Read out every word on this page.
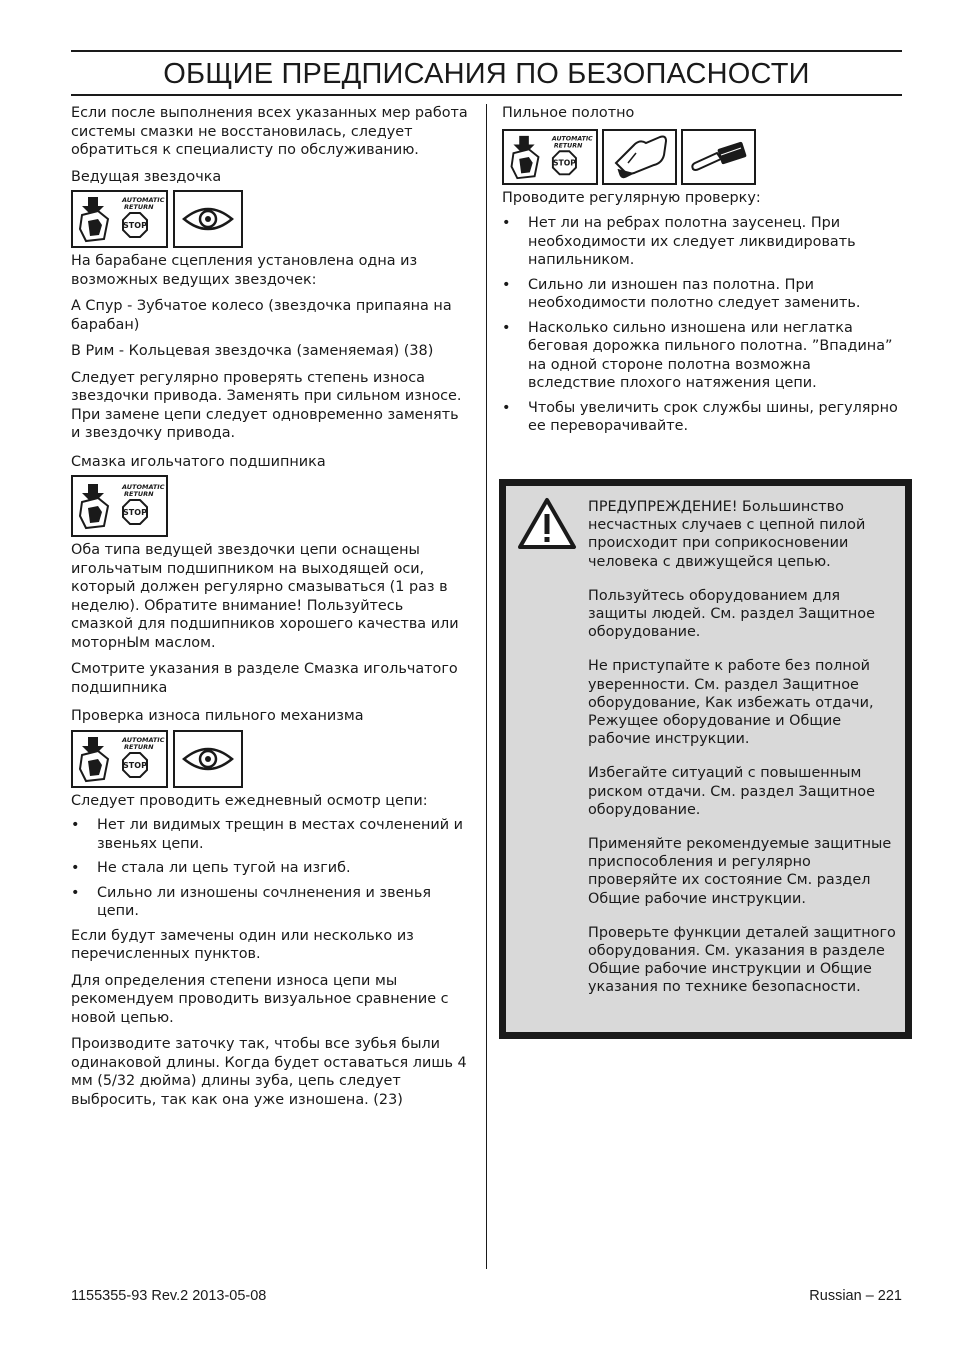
ОБЩИЕ ПРЕДПИСАНИЯ ПО БЕЗОПАСНОСТИ

Если после выполнения всех указанных мер работа системы смазки не восстановилась, следует обратиться к специалисту по обслуживанию.

Ведущая звездочка

AUTOMATIC
RETURN
STOP

На барабане сцепления установлена одна из возможных ведущих звездочек:

A Спур - Зубчатое колесо (звездочка припаяна на барабан)

B Рим - Кольцевая звездочка (заменяемая) (38)

Следует регулярно проверять степень износа звездочки привода. Заменять при сильном износе. При замене цепи следует одновременно заменять и звездочку привода.

Смазка игольчатого подшипника

AUTOMATIC
RETURN
STOP

Оба типа ведущей звездочки цепи оснащены игольчатым подшипником на выходящей оси, который должен регулярно смазываться (1 раз в неделю). Обратите внимание! Пользуйтесь смазкой для подшипников хорошего качества или моторнЫм маслом.

Смотрите указания в разделе Смазка игольчатого подшипника

Проверка износа пильного механизма

AUTOMATIC
RETURN
STOP

Следует проводить ежедневный осмотр цепи:

• Нет ли видимых трещин в местах сочленений и звеньях цепи.
• Не стала ли цепь тугой на изгиб.
• Сильно ли изношены сочлненения и звенья цепи.

Если будут замечены один или несколько из перечисленных пунктов.

Для определения степени износа цепи мы рекомендуем проводить визуальное сравнение с новой цепью.

Производите заточку так, чтобы все зубья были одинаковой длины. Когда будет оставаться лишь 4 мм (5/32 дюйма) длины зуба, цепь следует выбросить, так как она уже изношена. (23)

Пильное полотно

AUTOMATIC
RETURN
STOP

Проводите регулярную проверку:

• Нет ли на ребрах полотна заусенец. При необходимости их следует ликвидировать напильником.
• Сильно ли изношен паз полотна. При необходимости полотно следует заменить.
• Насколько сильно изношена или неглатка беговая дорожка пильного полотна. ”Впадина” на одной стороне полотна возможна вследствие плохого натяжения цепи.
• Чтобы увеличить срок службы шины, регулярно ее переворачивайте.

ПРЕДУПРЕЖДЕНИЕ! Большинство несчастных случаев с цепной пилой происходит при соприкосновении человека с движущейся цепью.

Пользуйтесь оборудованием для защиты людей. См. раздел Защитное оборудование.

Не приступайте к работе без полной уверенности. См. раздел Защитное оборудование, Как избежать отдачи, Режущее оборудование и Общие рабочие инструкции.

Избегайте ситуаций с повышенным риском отдачи. См. раздел Защитное оборудование.

Применяйте рекомендуемые защитные приспособления и регулярно проверяйте их состояние См. раздел Общие рабочие инструкции.

Проверьте функции деталей защитного оборудования. См. указания в разделе Общие рабочие инструкции и Общие указания по технике безопасности.

1155355-93 Rev.2 2013-05-08	Russian – 221
